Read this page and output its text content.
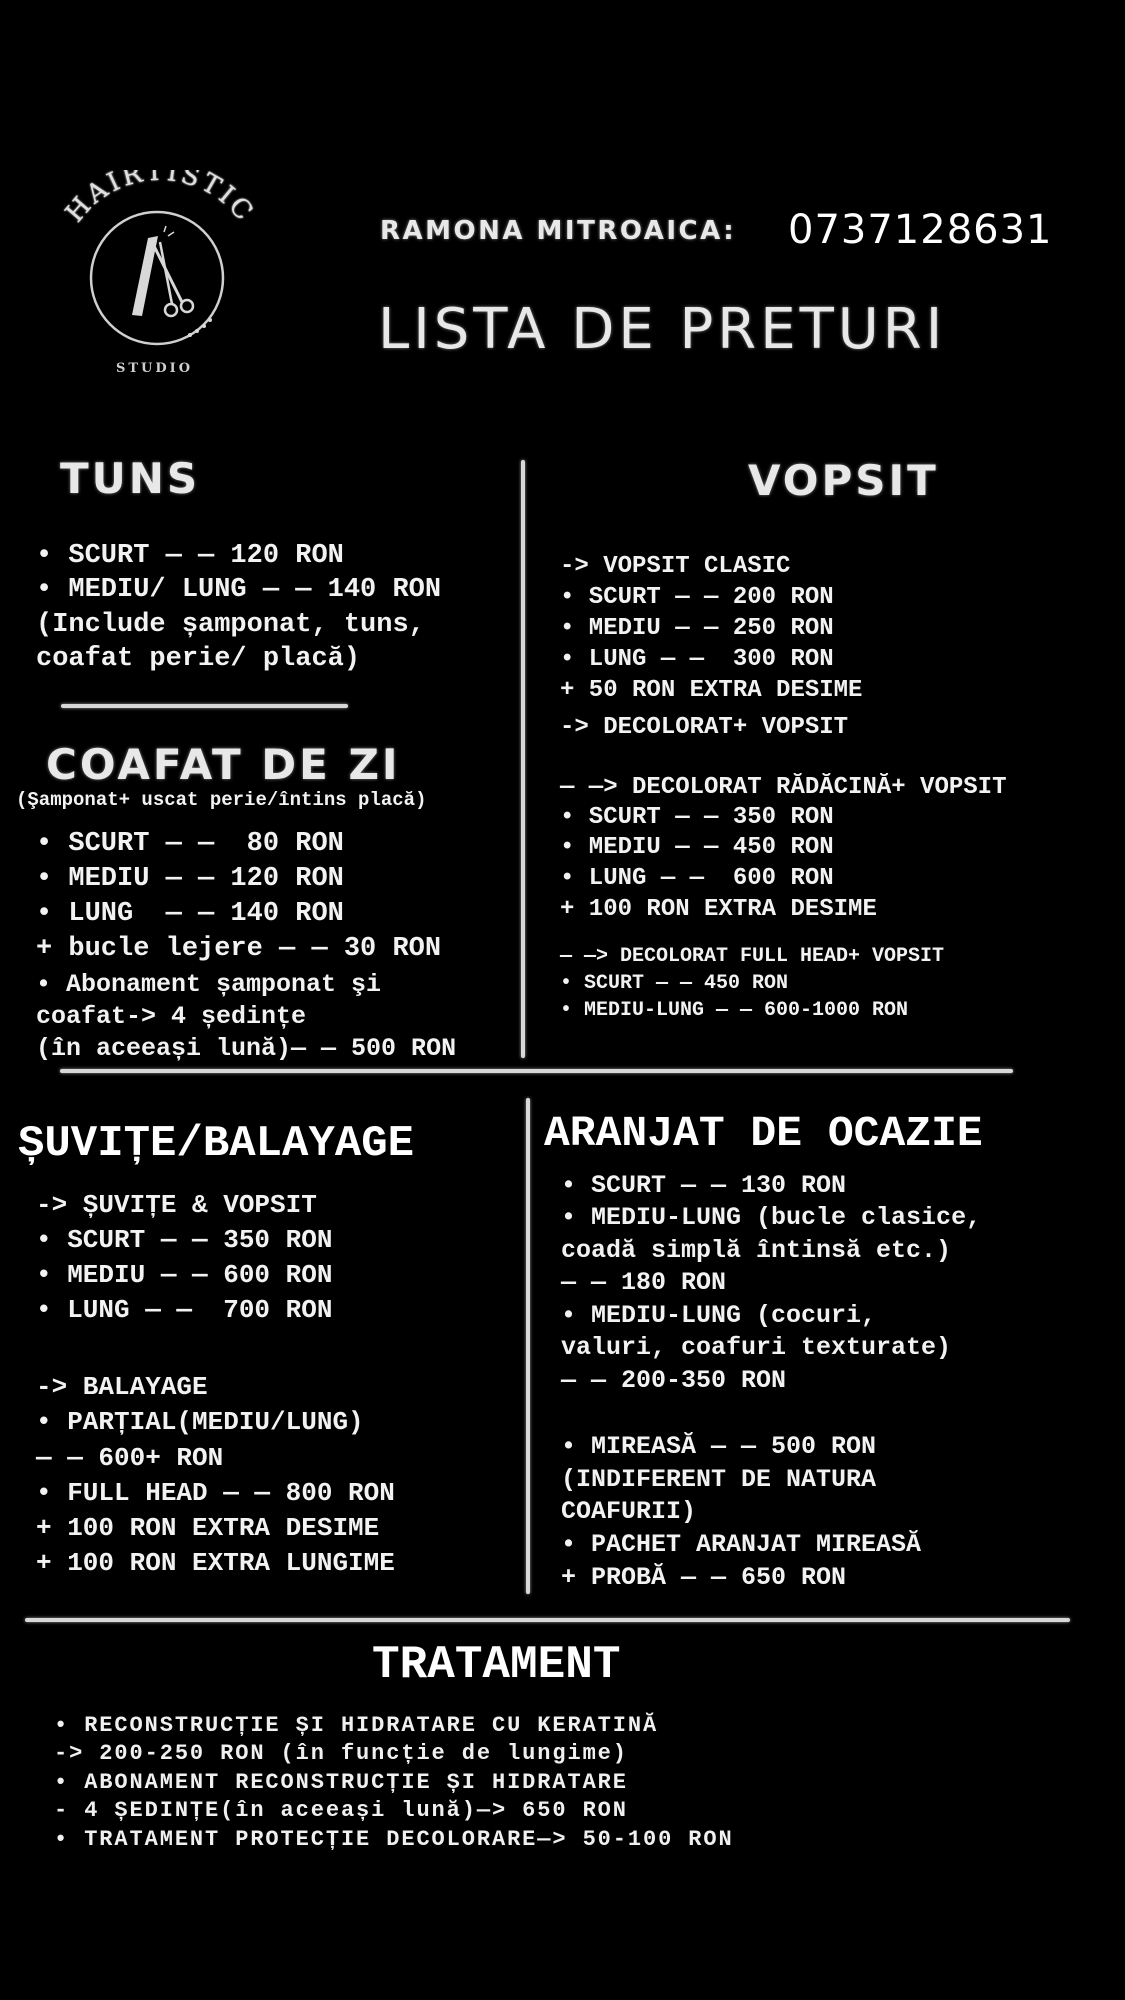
HAIRTISTIC
STUDIO
RAMONA MITROAICA: 0737128631
LISTA DE PRETURI
TUNS
• SCURT — — 120 RON
• MEDIU/ LUNG — — 140 RON
(Include șamponat, tuns,
coafat perie/ placă)
COAFAT DE ZI
(Şamponat+ uscat perie/întins placă)
• SCURT — —  80 RON
• MEDIU — — 120 RON
• LUNG  — — 140 RON
+ bucle lejere — — 30 RON
• Abonament șamponat şi
coafat-> 4 ședințe
(în aceeași lună)— — 500 RON
VOPSIT
-> VOPSIT CLASIC
• SCURT — — 200 RON
• MEDIU — — 250 RON
• LUNG — —  300 RON
+ 50 RON EXTRA DESIME
-> DECOLORAT+ VOPSIT
— —> DECOLORAT RĂDĂCINĂ+ VOPSIT
• SCURT — — 350 RON
• MEDIU — — 450 RON
• LUNG — —  600 RON
+ 100 RON EXTRA DESIME
— —> DECOLORAT FULL HEAD+ VOPSIT
• SCURT — — 450 RON
• MEDIU-LUNG — — 600-1000 RON
ȘUVIȚE/BALAYAGE
-> ȘUVIȚE & VOPSIT
• SCURT — — 350 RON
• MEDIU — — 600 RON
• LUNG — —  700 RON
-> BALAYAGE
• PARȚIAL(MEDIU/LUNG)
— — 600+ RON
• FULL HEAD — — 800 RON
+ 100 RON EXTRA DESIME
+ 100 RON EXTRA LUNGIME
ARANJAT DE OCAZIE
• SCURT — — 130 RON
• MEDIU-LUNG (bucle clasice,
coadă simplă întinsă etc.)
— — 180 RON
• MEDIU-LUNG (cocuri,
valuri, coafuri texturate)
— — 200-350 RON
• MIREASĂ — — 500 RON
(INDIFERENT DE NATURA
COAFURII)
• PACHET ARANJAT MIREASĂ
+ PROBĂ — — 650 RON
TRATAMENT
• RECONSTRUCȚIE ȘI HIDRATARE CU KERATINĂ
-> 200-250 RON (în funcție de lungime)
• ABONAMENT RECONSTRUCȚIE ȘI HIDRATARE
- 4 ȘEDINȚE(în aceeași lună)—> 650 RON
• TRATAMENT PROTECȚIE DECOLORARE—> 50-100 RON
